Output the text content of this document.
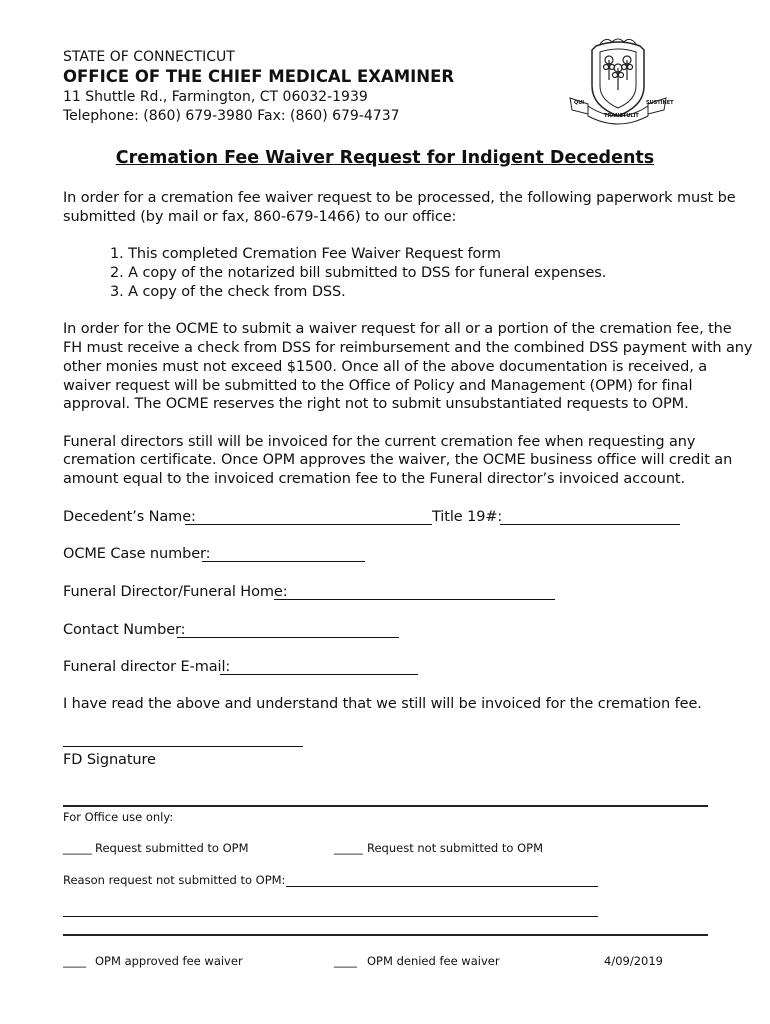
STATE OF CONNECTICUT
OFFICE OF THE CHIEF MEDICAL EXAMINER
11 Shuttle Rd., Farmington, CT 06032-1939
Telephone: (860) 679-3980 Fax: (860) 679-4737
QUI
TRANSTULIT
SUSTINET
Cremation Fee Waiver Request for Indigent Decedents
In order for a cremation fee waiver request to be processed, the following paperwork must be
submitted (by mail or fax, 860-679-1466) to our office:
1. This completed Cremation Fee Waiver Request form
2. A copy of the notarized bill submitted to DSS for funeral expenses.
3. A copy of the check from DSS.
In order for the OCME to submit a waiver request for all or a portion of the cremation fee, the
FH must receive a check from DSS for reimbursement and the combined DSS payment with any
other monies must not exceed $1500. Once all of the above documentation is received, a
waiver request will be submitted to the Office of Policy and Management (OPM) for final
approval. The OCME reserves the right not to submit unsubstantiated requests to OPM.
Funeral directors still will be invoiced for the current cremation fee when requesting any
cremation certificate. Once OPM approves the waiver, the OCME business office will credit an
amount equal to the invoiced cremation fee to the Funeral director’s invoiced account.
Decedent’s Name:	Title 19#:
OCME Case number:
Funeral Director/Funeral Home:
Contact Number:
Funeral director E-mail:
I have read the above and understand that we still will be invoiced for the cremation fee.
FD Signature
For Office use only:
_____ Request submitted to OPM	_____ Request not submitted to OPM
Reason request not submitted to OPM:
____ OPM approved fee waiver	____ OPM denied fee waiver	4/09/2019
